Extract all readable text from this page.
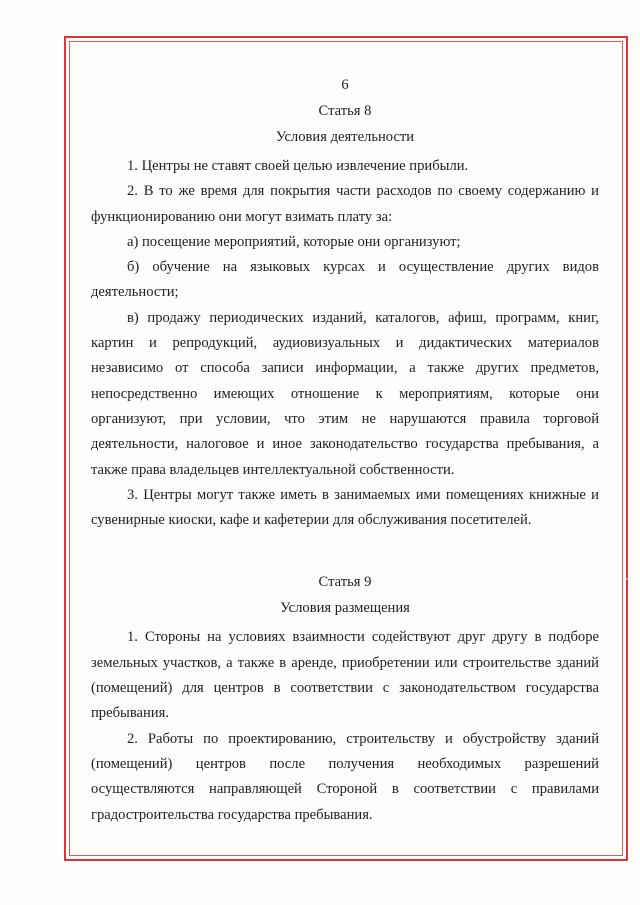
6

Статья 8

Условия деятельности

1. Центры не ставят своей целью извлечение прибыли.

2. В то же время для покрытия части расходов по своему содержанию и функционированию они могут взимать плату за:

а) посещение мероприятий, которые они организуют;

б) обучение на языковых курсах и осуществление других видов деятельности;

в) продажу периодических изданий, каталогов, афиш, программ, книг, картин и репродукций, аудиовизуальных и дидактических материалов независимо от способа записи информации, а также других предметов, непосредственно имеющих отношение к мероприятиям, которые они организуют, при условии, что этим не нарушаются правила торговой деятельности, налоговое и иное законодательство государства пребывания, а также права владельцев интеллектуальной собственности.

3. Центры могут также иметь в занимаемых ими помещениях книжные и сувенирные киоски, кафе и кафетерии для обслуживания посетителей.

Статья 9

Условия размещения

1. Стороны на условиях взаимности содействуют друг другу в подборе земельных участков, а также в аренде, приобретении или строительстве зданий (помещений) для центров в соответствии с законодательством государства пребывания.

2. Работы по проектированию, строительству и обустройству зданий (помещений) центров после получения необходимых разрешений осуществляются направляющей Стороной в соответствии с правилами градостроительства государства пребывания.
